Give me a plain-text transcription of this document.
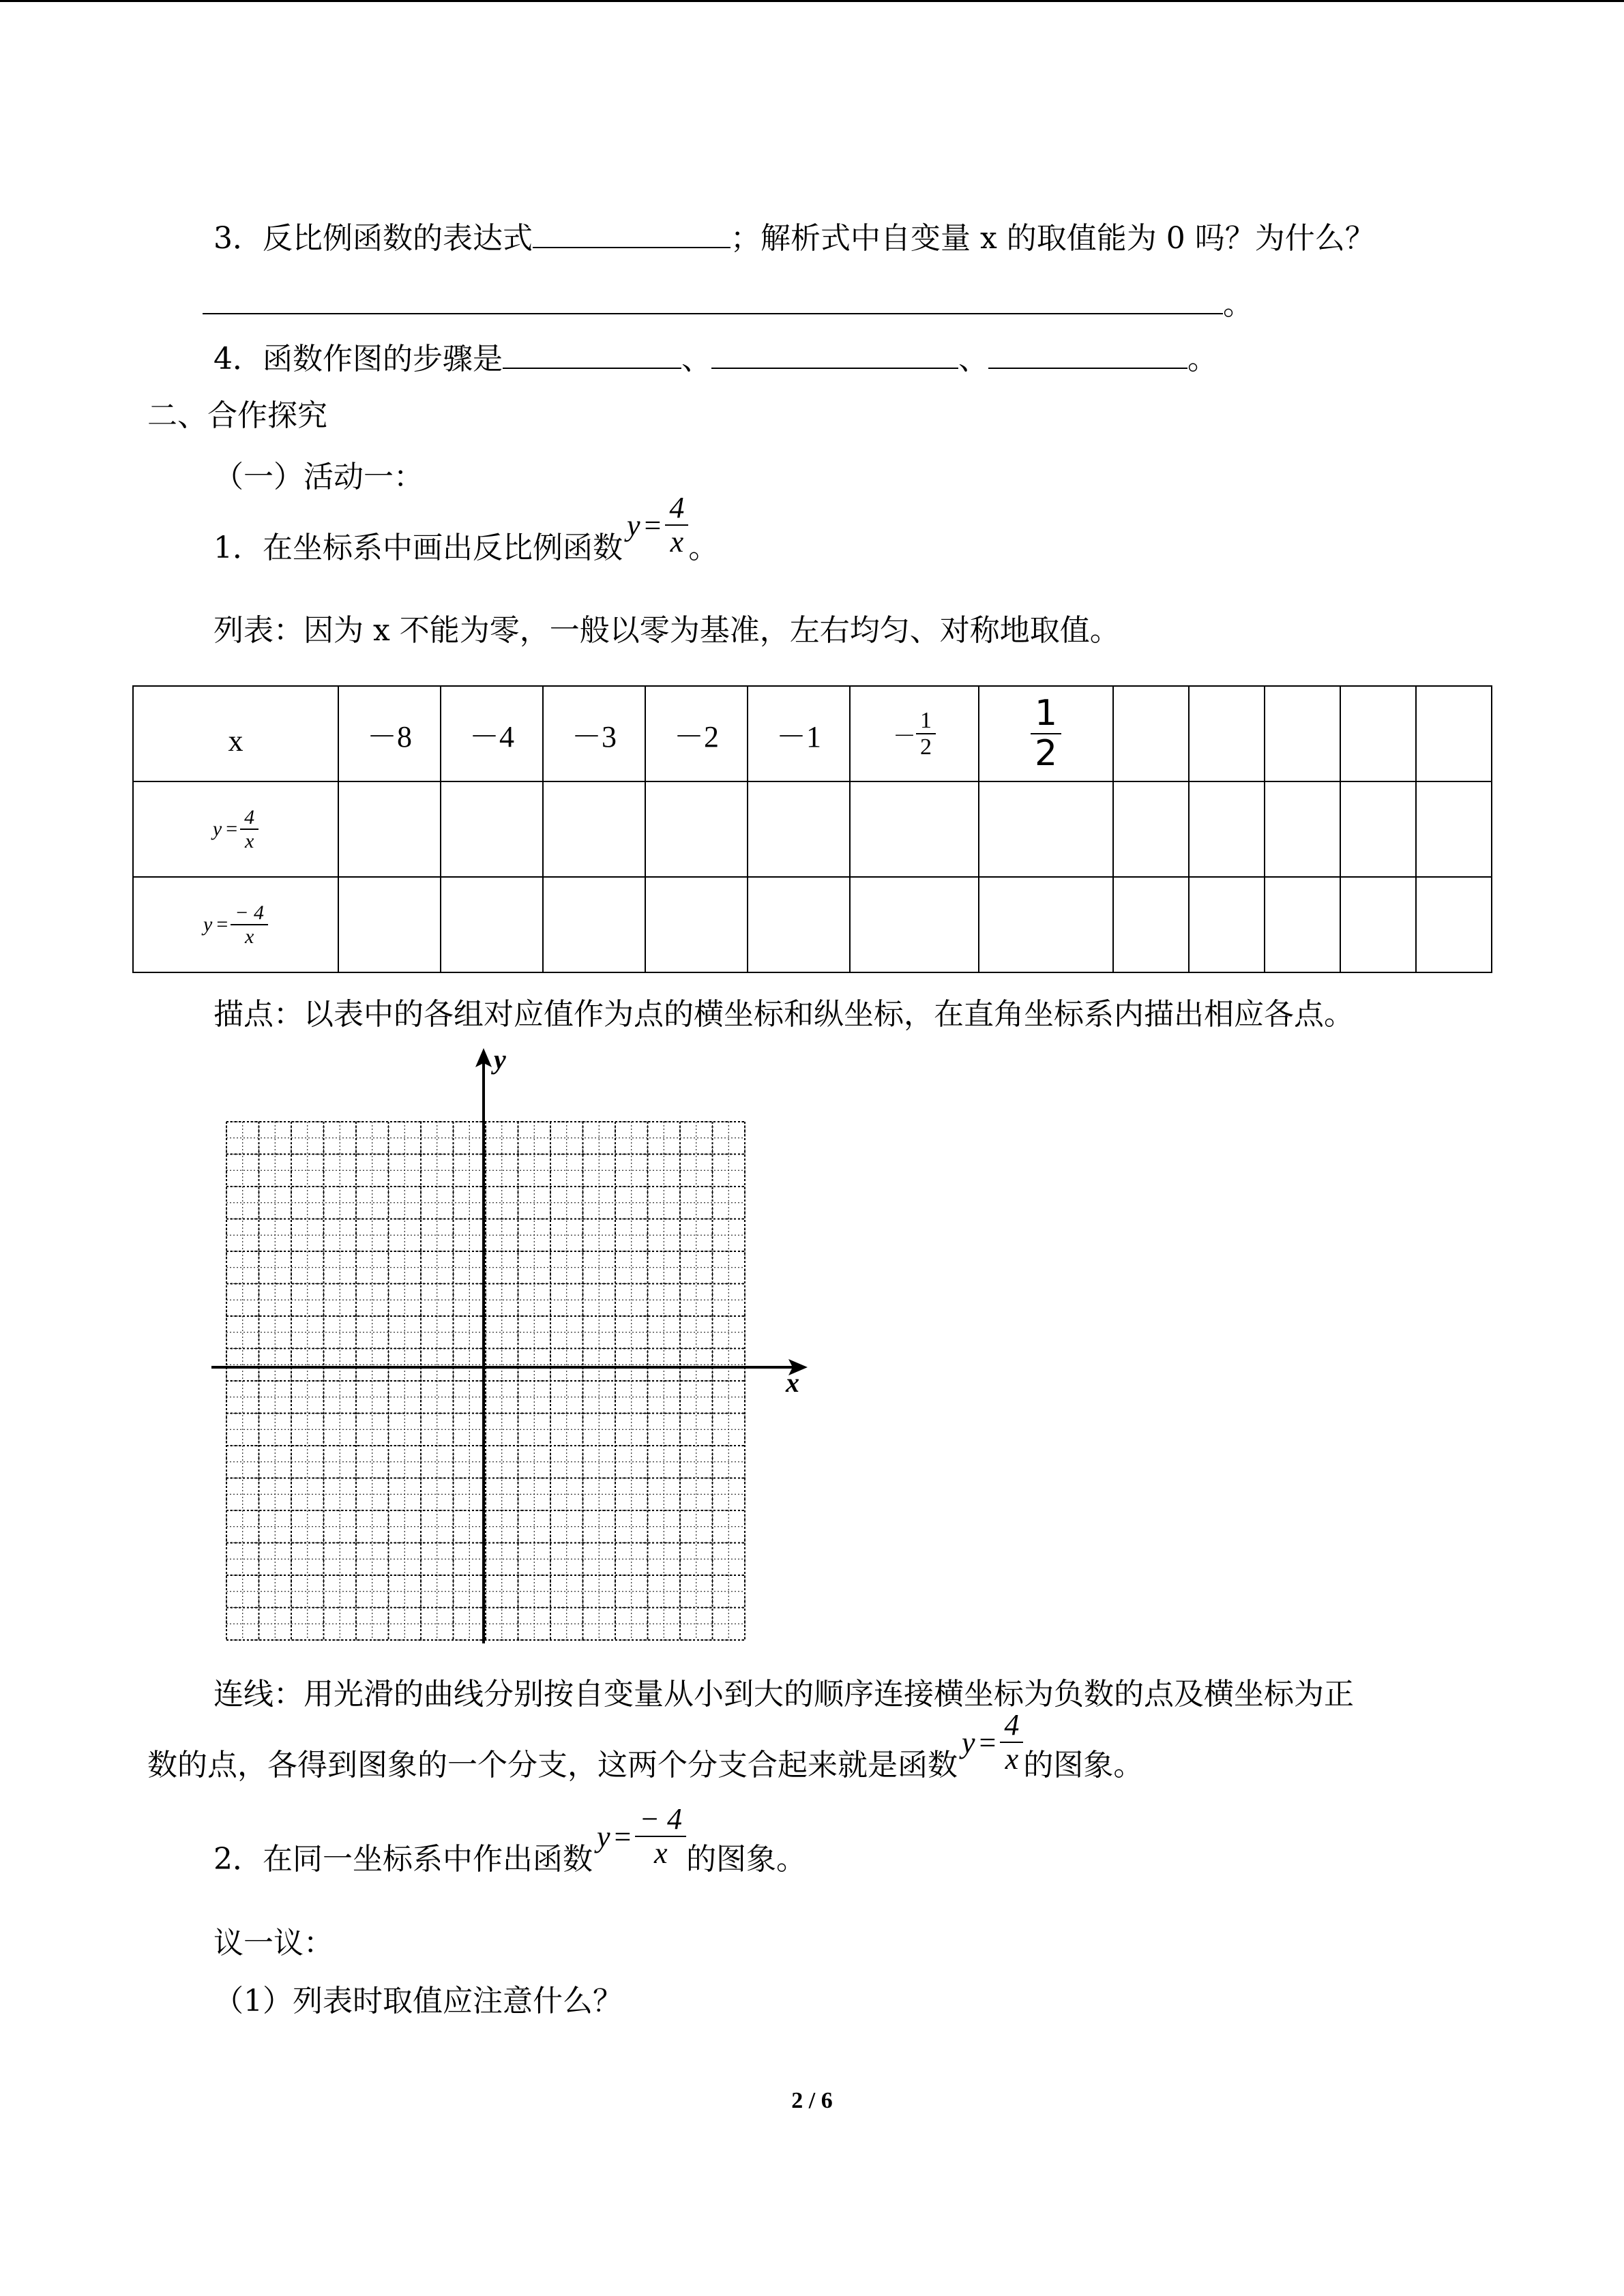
3．反比例函数的表达式	；解析式中自变量 x 的取值能为 0 吗？为什么？
。
4．函数作图的步骤是	、	、	。
二、合作探究
（一）活动一：
1．在坐标系中画出反比例函数
$y = \frac{4}{x}$ 。
列表：因为 x 不能为零，一般以零为基准，左右均匀、对称地取值。
x	－8	－4	－3	－2	－1	－ $\frac{1}{2}$	$\frac{1}{2}$

$y = \frac{4}{x}$

$y = \frac{- 4}{x}$

描点：以表中的各组对应值作为点的横坐标和纵坐标，在直角坐标系内描出相应各点。
x
y
连线：用光滑的曲线分别按自变量从小到大的顺序连接横坐标为负数的点及横坐标为正
数的点，各得到图象的一个分支，这两个分支合起来就是函数
$y = \frac{4}{x}$ 的图象。
2．在同一坐标系中作出函数
$y = \frac{- 4}{x}$ 的图象。
议一议：
（1）列表时取值应注意什么？
2 / 6
